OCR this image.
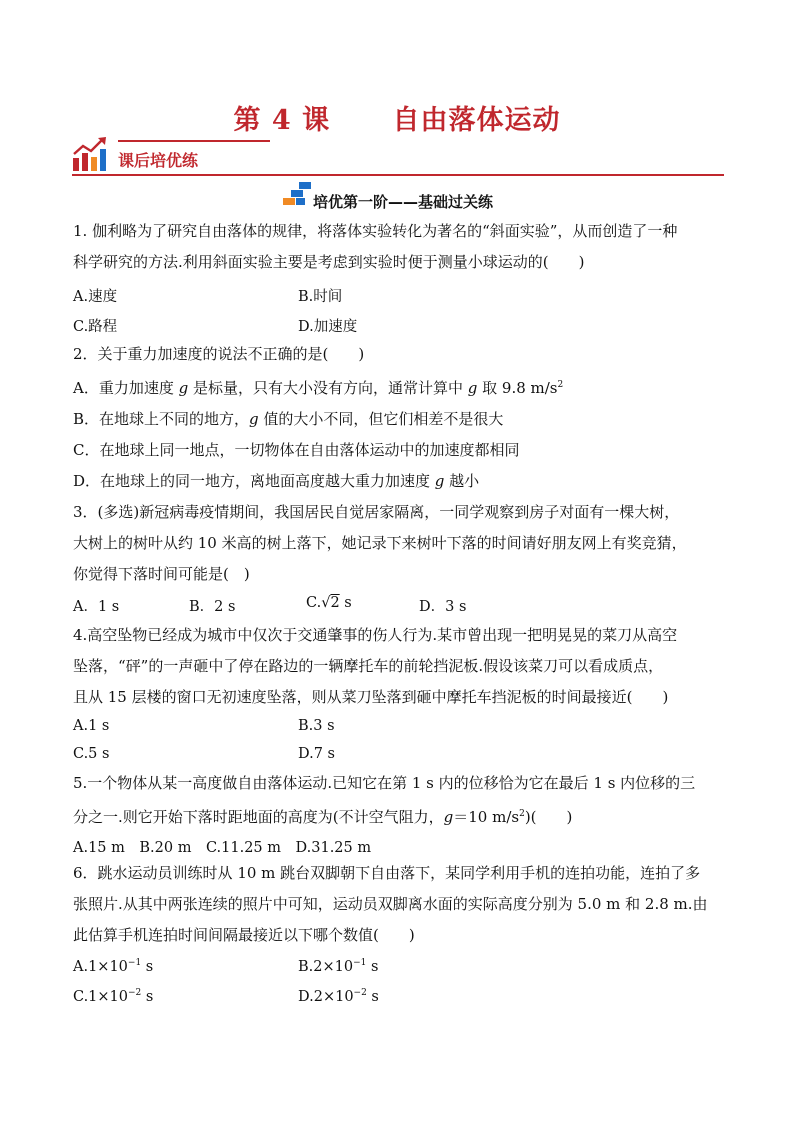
第 4 课      自由落体运动
课后培优练
培优第一阶——基础过关练
1. 伽利略为了研究自由落体的规律，将落体实验转化为著名的“斜面实验”，从而创造了一种
科学研究的方法.利用斜面实验主要是考虑到实验时便于测量小球运动的(　　)
A.速度	B.时间
C.路程	D.加速度
2．关于重力加速度的说法不正确的是(　　)
A．重力加速度 g 是标量，只有大小没有方向，通常计算中 g 取 9.8 $m/s^2$
B．在地球上不同的地方，g 值的大小不同，但它们相差不是很大
C．在地球上同一地点，一切物体在自由落体运动中的加速度都相同
D．在地球上的同一地方，离地面高度越大重力加速度 g 越小
3．(多选)新冠病毒疫情期间，我国居民自觉居家隔离，一同学观察到房子对面有一棵大树，
大树上的树叶从约 10 米高的树上落下，她记录下来树叶下落的时间请好朋友网上有奖竞猜，
你觉得下落时间可能是(　)
A．1 s	B．2 s	C.√2 s	D．3 s
4.高空坠物已经成为城市中仅次于交通肇事的伤人行为.某市曾出现一把明晃晃的菜刀从高空
坠落，“砰”的一声砸中了停在路边的一辆摩托车的前轮挡泥板.假设该菜刀可以看成质点，
且从 15 层楼的窗口无初速度坠落，则从菜刀坠落到砸中摩托车挡泥板的时间最接近(　　)
A.1 s	B.3 s
C.5 s	D.7 s
5.一个物体从某一高度做自由落体运动.已知它在第 1 s 内的位移恰为它在最后 1 s 内位移的三
分之一.则它开始下落时距地面的高度为(不计空气阻力，g＝10 $m/s^2$)(　　)
A.15 m　B.20 m　C.11.25 m　D.31.25 m
6．跳水运动员训练时从 10 m 跳台双脚朝下自由落下，某同学利用手机的连拍功能，连拍了多
张照片.从其中两张连续的照片中可知，运动员双脚离水面的实际高度分别为 5.0 m 和 2.8 m.由
此估算手机连拍时间间隔最接近以下哪个数值(　　)
$A.1\times 10^{-1}$ s	$B.2\times 10^{-1}$ s
$C.1\times 10^{-2}$ s	$D.2\times 10^{-2}$ s
